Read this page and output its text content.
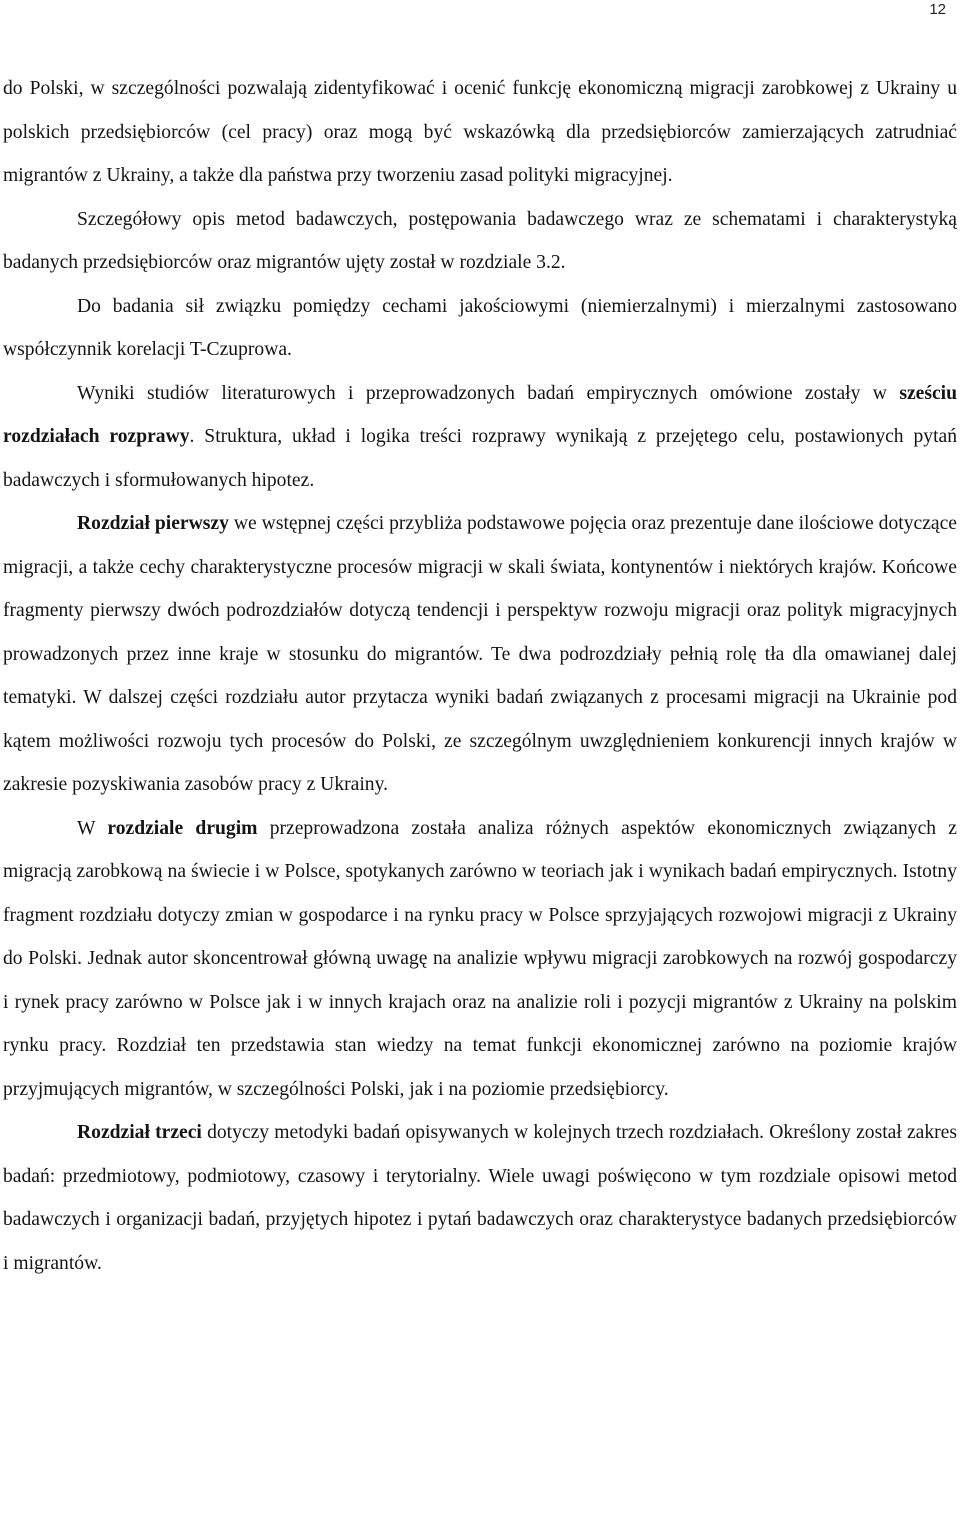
12

do Polski, w szczególności pozwalają zidentyfikować i ocenić funkcję ekonomiczną migracji zarobkowej z Ukrainy u polskich przedsiębiorców (cel pracy) oraz mogą być wskazówką dla przedsiębiorców zamierzających zatrudniać migrantów z Ukrainy, a także dla państwa przy tworzeniu zasad polityki migracyjnej.

Szczegółowy opis metod badawczych, postępowania badawczego wraz ze schematami i charakterystyką badanych przedsiębiorców oraz migrantów ujęty został w rozdziale 3.2.

Do badania sił związku pomiędzy cechami jakościowymi (niemierzalnymi) i mierzalnymi zastosowano współczynnik korelacji T-Czuprowa.

Wyniki studiów literaturowych i przeprowadzonych badań empirycznych omówione zostały w sześciu rozdziałach rozprawy. Struktura, układ i logika treści rozprawy wynikają z przejętego celu, postawionych pytań badawczych i sformułowanych hipotez.

Rozdział pierwszy we wstępnej części przybliża podstawowe pojęcia oraz prezentuje dane ilościowe dotyczące migracji, a także cechy charakterystyczne procesów migracji w skali świata, kontynentów i niektórych krajów. Końcowe fragmenty pierwszy dwóch podrozdziałów dotyczą tendencji i perspektyw rozwoju migracji oraz polityk migracyjnych prowadzonych przez inne kraje w stosunku do migrantów. Te dwa podrozdziały pełnią rolę tła dla omawianej dalej tematyki. W dalszej części rozdziału autor przytacza wyniki badań związanych z procesami migracji na Ukrainie pod kątem możliwości rozwoju tych procesów do Polski, ze szczególnym uwzględnieniem konkurencji innych krajów w zakresie pozyskiwania zasobów pracy z Ukrainy.

W rozdziale drugim przeprowadzona została analiza różnych aspektów ekonomicznych związanych z migracją zarobkową na świecie i w Polsce, spotykanych zarówno w teoriach jak i wynikach badań empirycznych. Istotny fragment rozdziału dotyczy zmian w gospodarce i na rynku pracy w Polsce sprzyjających rozwojowi migracji z Ukrainy do Polski. Jednak autor skoncentrował główną uwagę na analizie wpływu migracji zarobkowych na rozwój gospodarczy i rynek pracy zarówno w Polsce jak i w innych krajach oraz na analizie roli i pozycji migrantów z Ukrainy na polskim rynku pracy. Rozdział ten przedstawia stan wiedzy na temat funkcji ekonomicznej zarówno na poziomie krajów przyjmujących migrantów, w szczególności Polski, jak i na poziomie przedsiębiorcy.

Rozdział trzeci dotyczy metodyki badań opisywanych w kolejnych trzech rozdziałach. Określony został zakres badań: przedmiotowy, podmiotowy, czasowy i terytorialny. Wiele uwagi poświęcono w tym rozdziale opisowi metod badawczych i organizacji badań, przyjętych hipotez i pytań badawczych oraz charakterystyce badanych przedsiębiorców i migrantów.
